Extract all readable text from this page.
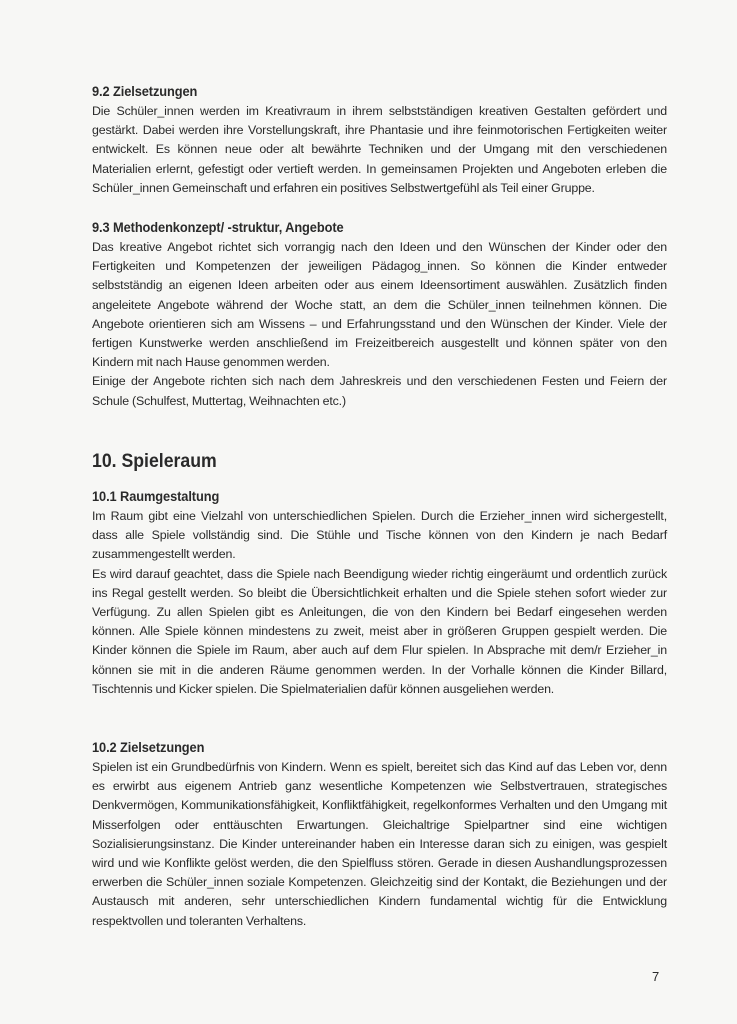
9.2 Zielsetzungen

Die Schüler_innen werden im Kreativraum in ihrem selbstständigen kreativen Gestalten gefördert und gestärkt. Dabei werden ihre Vorstellungskraft, ihre Phantasie und ihre feinmotorischen Fertigkeiten weiter entwickelt. Es können neue oder alt bewährte Techniken und der Umgang mit den verschiedenen Materialien erlernt, gefestigt oder vertieft werden. In gemeinsamen Projekten und Angeboten erleben die Schüler_innen Gemeinschaft und erfahren ein positives Selbstwertgefühl als Teil einer Gruppe.

9.3 Methodenkonzept/ -struktur, Angebote

Das kreative Angebot richtet sich vorrangig nach den Ideen und den Wünschen der Kinder oder den Fertigkeiten und Kompetenzen der jeweiligen Pädagog_innen. So können die Kinder entweder selbstständig an eigenen Ideen arbeiten oder aus einem Ideensortiment auswählen. Zusätzlich finden angeleitete Angebote während der Woche statt, an dem die Schüler_innen teilnehmen können. Die Angebote orientieren sich am Wissens – und Erfahrungsstand und den Wünschen der Kinder. Viele der fertigen Kunstwerke werden anschließend im Freizeitbereich ausgestellt und können später von den Kindern mit nach Hause genommen werden.

Einige der Angebote richten sich nach dem Jahreskreis und den verschiedenen Festen und Feiern der Schule (Schulfest, Muttertag, Weihnachten etc.)

10. Spieleraum
10.1 Raumgestaltung

Im Raum gibt eine Vielzahl von unterschiedlichen Spielen. Durch die Erzieher_innen wird sichergestellt, dass alle Spiele vollständig sind. Die Stühle und Tische können von den Kindern je nach Bedarf zusammengestellt werden.

Es wird darauf geachtet, dass die Spiele nach Beendigung wieder richtig eingeräumt und ordentlich zurück ins Regal gestellt werden. So bleibt die Übersichtlichkeit erhalten und die Spiele stehen sofort wieder zur Verfügung. Zu allen Spielen gibt es Anleitungen, die von den Kindern bei Bedarf eingesehen werden können. Alle Spiele können mindestens zu zweit, meist aber in größeren Gruppen gespielt werden. Die Kinder können die Spiele im Raum, aber auch auf dem Flur spielen. In Absprache mit dem/r Erzieher_in können sie mit in die anderen Räume genommen werden. In der Vorhalle können die Kinder Billard, Tischtennis und Kicker spielen. Die Spielmaterialien dafür können ausgeliehen werden.

10.2 Zielsetzungen

Spielen ist ein Grundbedürfnis von Kindern. Wenn es spielt, bereitet sich das Kind auf das Leben vor, denn es erwirbt aus eigenem Antrieb ganz wesentliche Kompetenzen wie Selbstvertrauen, strategisches Denkvermögen, Kommunikationsfähigkeit, Konfliktfähigkeit, regelkonformes Verhalten und den Umgang mit Misserfolgen oder enttäuschten Erwartungen. Gleichaltrige Spielpartner sind eine wichtigen Sozialisierungsinstanz. Die Kinder untereinander haben ein Interesse daran sich zu einigen, was gespielt wird und wie Konflikte gelöst werden, die den Spielfluss stören. Gerade in diesen Aushandlungsprozessen erwerben die Schüler_innen soziale Kompetenzen. Gleichzeitig sind der Kontakt, die Beziehungen und der Austausch mit anderen, sehr unterschiedlichen Kindern fundamental wichtig für die Entwicklung respektvollen und toleranten Verhaltens.

7
